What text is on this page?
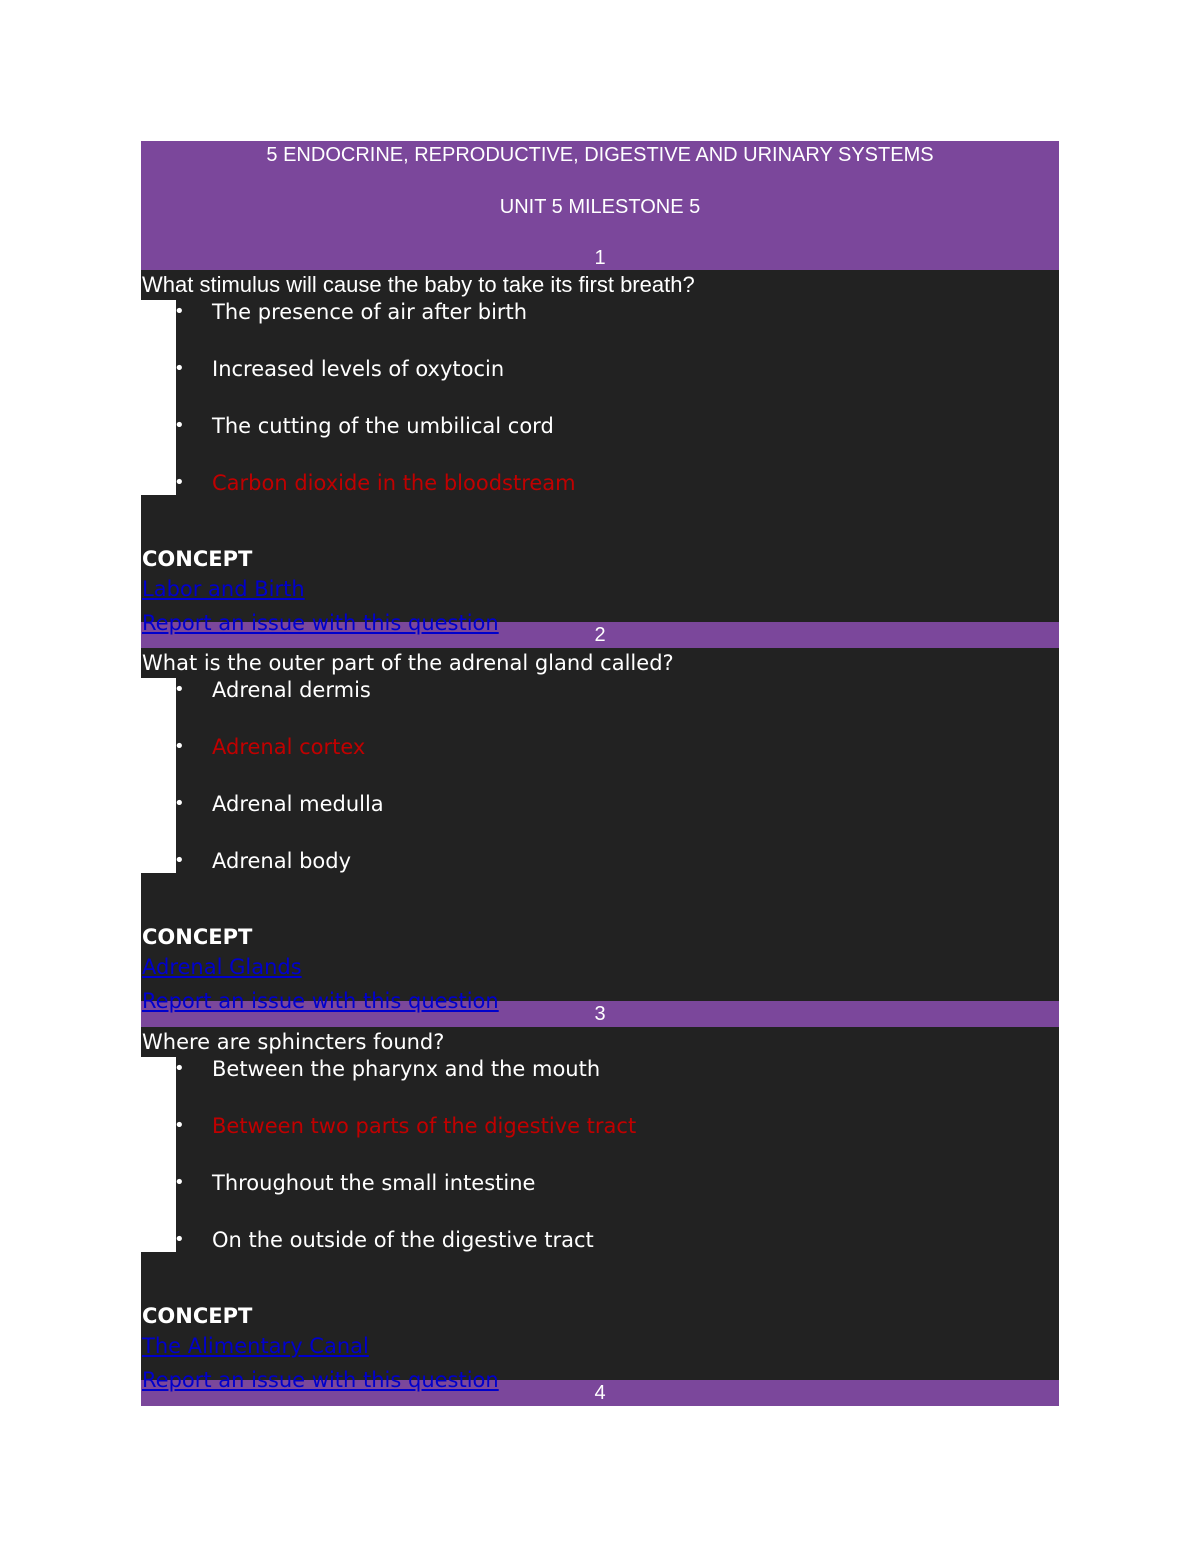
5 ENDOCRINE, REPRODUCTIVE, DIGESTIVE AND URINARY SYSTEMS
UNIT 5 MILESTONE 5
1
What stimulus will cause the baby to take its first breath?
• The presence of air after birth
• Increased levels of oxytocin
• The cutting of the umbilical cord
• Carbon dioxide in the bloodstream
CONCEPT
Labor and Birth
Report an issue with this question	2
What is the outer part of the adrenal gland called?
• Adrenal dermis
• Adrenal cortex
• Adrenal medulla
• Adrenal body
CONCEPT
Adrenal Glands
Report an issue with this question
3
Where are sphincters found?
• Between the pharynx and the mouth
• Between two parts of the digestive tract
• Throughout the small intestine
• On the outside of the digestive tract
CONCEPT
The Alimentary Canal
Report an issue with this question
4
